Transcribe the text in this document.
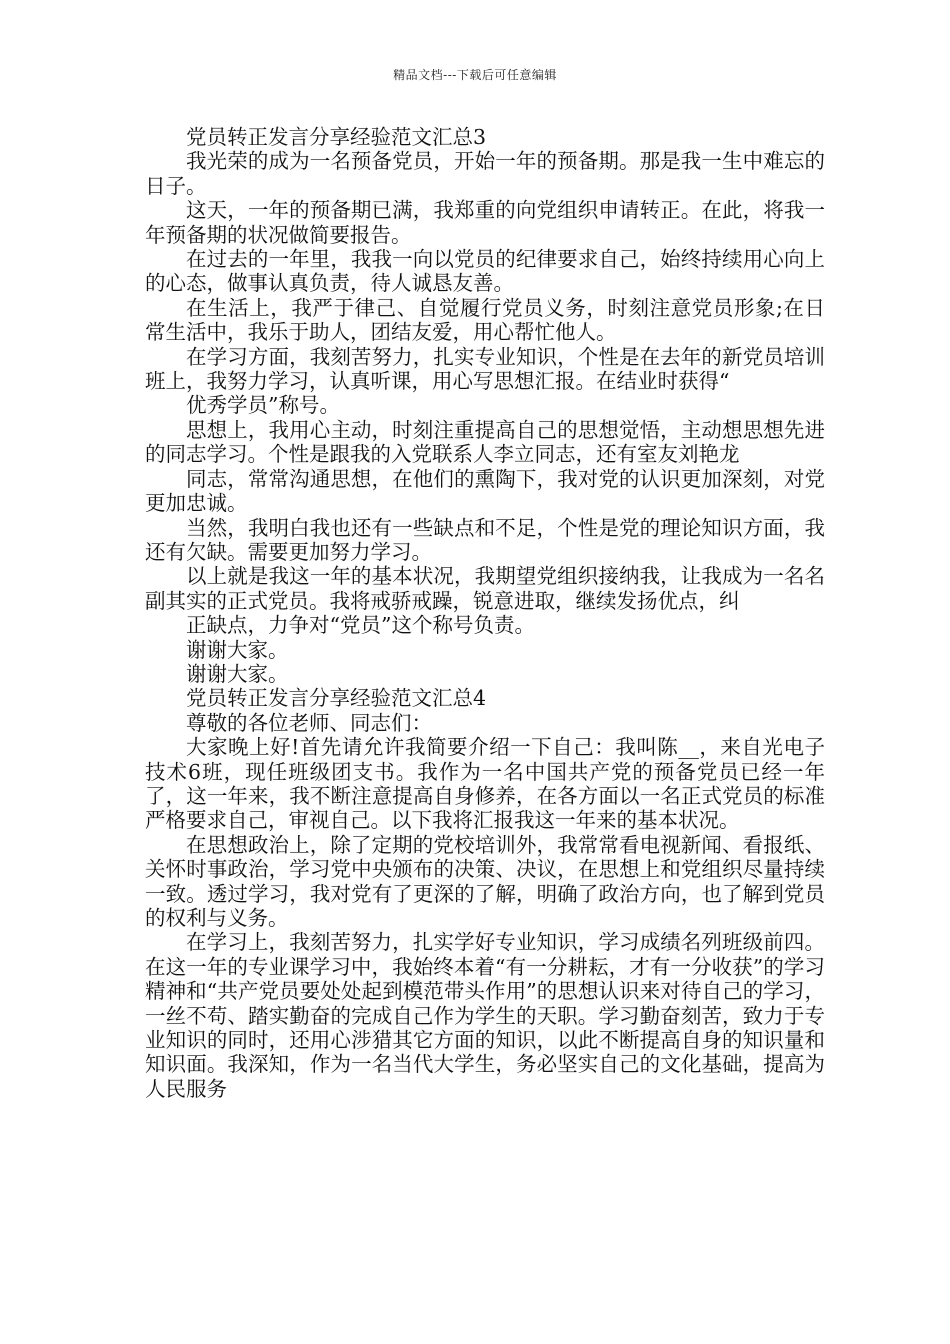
精品文档---下载后可任意编辑

党员转正发言分享经验范文汇总3

我光荣的成为一名预备党员，开始一年的预备期。那是我一生中难忘的日子。

这天，一年的预备期已满，我郑重的向党组织申请转正。在此，将我一年预备期的状况做简要报告。

在过去的一年里，我我一向以党员的纪律要求自己，始终持续用心向上的心态，做事认真负责，待人诚恳友善。

在生活上，我严于律己、自觉履行党员义务，时刻注意党员形象;在日常生活中，我乐于助人，团结友爱，用心帮忙他人。

在学习方面，我刻苦努力，扎实专业知识，个性是在去年的新党员培训班上，我努力学习，认真听课，用心写思想汇报。在结业时获得“

优秀学员”称号。

思想上，我用心主动，时刻注重提高自己的思想觉悟，主动想思想先进的同志学习。个性是跟我的入党联系人李立同志，还有室友刘艳龙

同志，常常沟通思想，在他们的熏陶下，我对党的认识更加深刻，对党更加忠诚。

当然，我明白我也还有一些缺点和不足，个性是党的理论知识方面，我还有欠缺。需要更加努力学习。

以上就是我这一年的基本状况，我期望党组织接纳我，让我成为一名名副其实的正式党员。我将戒骄戒躁，锐意进取，继续发扬优点，纠

正缺点，力争对“党员”这个称号负责。

谢谢大家。

谢谢大家。

党员转正发言分享经验范文汇总4

尊敬的各位老师、同志们：

大家晚上好!首先请允许我简要介绍一下自己：我叫陈__，来自光电子技术6班，现任班级团支书。我作为一名中国共产党的预备党员已经一年了，这一年来，我不断注意提高自身修养，在各方面以一名正式党员的标准严格要求自己，审视自己。以下我将汇报我这一年来的基本状况。

在思想政治上，除了定期的党校培训外，我常常看电视新闻、看报纸、关怀时事政治，学习党中央颁布的决策、决议，在思想上和党组织尽量持续一致。透过学习，我对党有了更深的了解，明确了政治方向，也了解到党员的权利与义务。

在学习上，我刻苦努力，扎实学好专业知识，学习成绩名列班级前四。在这一年的专业课学习中，我始终本着“有一分耕耘，才有一分收获”的学习精神和“共产党员要处处起到模范带头作用”的思想认识来对待自己的学习，一丝不苟、踏实勤奋的完成自己作为学生的天职。学习勤奋刻苦，致力于专业知识的同时，还用心涉猎其它方面的知识，以此不断提高自身的知识量和知识面。我深知，作为一名当代大学生，务必坚实自己的文化基础，提高为人民服务
